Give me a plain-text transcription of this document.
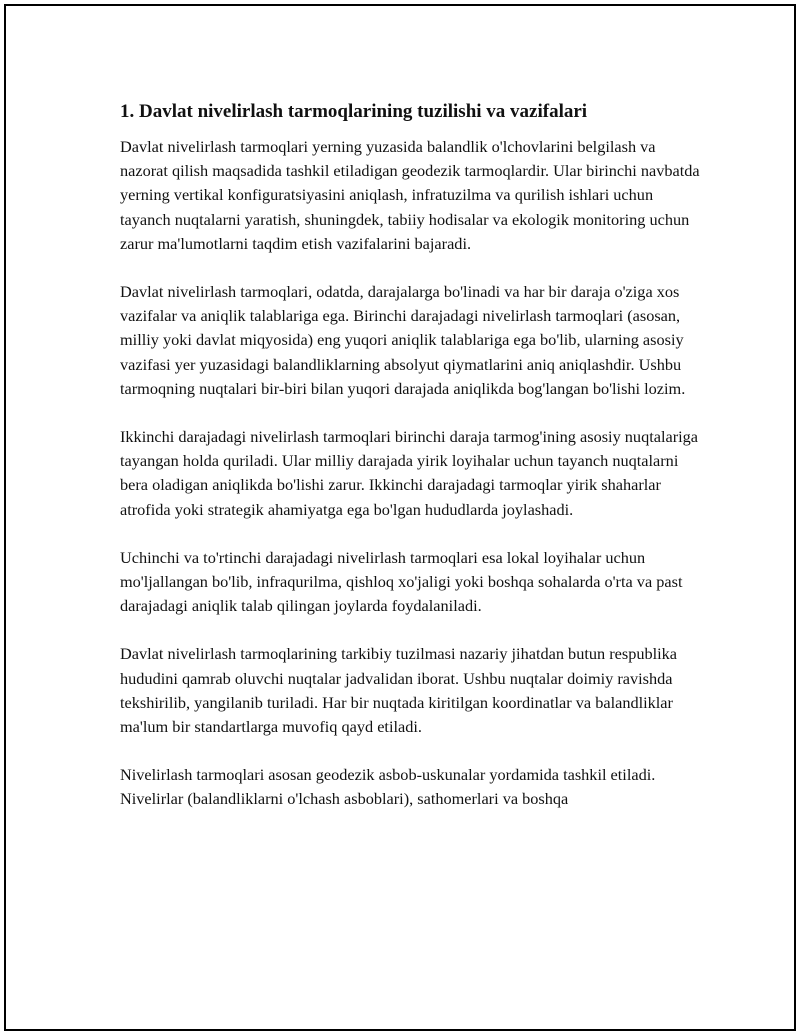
1. Davlat nivelirlash tarmoqlarining tuzilishi va vazifalari

Davlat nivelirlash tarmoqlari yerning yuzasida balandlik o'lchovlarini belgilash va nazorat qilish maqsadida tashkil etiladigan geodezik tarmoqlardir. Ular birinchi navbatda yerning vertikal konfiguratsiyasini aniqlash, infratuzilma va qurilish ishlari uchun tayanch nuqtalarni yaratish, shuningdek, tabiiy hodisalar va ekologik monitoring uchun zarur ma'lumotlarni taqdim etish vazifalarini bajaradi.

Davlat nivelirlash tarmoqlari, odatda, darajalarga bo'linadi va har bir daraja o'ziga xos vazifalar va aniqlik talablariga ega. Birinchi darajadagi nivelirlash tarmoqlari (asosan, milliy yoki davlat miqyosida) eng yuqori aniqlik talablariga ega bo'lib, ularning asosiy vazifasi yer yuzasidagi balandliklarning absolyut qiymatlarini aniq aniqlashdir. Ushbu tarmoqning nuqtalari bir-biri bilan yuqori darajada aniqlikda bog'langan bo'lishi lozim.

Ikkinchi darajadagi nivelirlash tarmoqlari birinchi daraja tarmog'ining asosiy nuqtalariga tayangan holda quriladi. Ular milliy darajada yirik loyihalar uchun tayanch nuqtalarni bera oladigan aniqlikda bo'lishi zarur. Ikkinchi darajadagi tarmoqlar yirik shaharlar atrofida yoki strategik ahamiyatga ega bo'lgan hududlarda joylashadi.

Uchinchi va to'rtinchi darajadagi nivelirlash tarmoqlari esa lokal loyihalar uchun mo'ljallangan bo'lib, infraqurilma, qishloq xo'jaligi yoki boshqa sohalarda o'rta va past darajadagi aniqlik talab qilingan joylarda foydalaniladi.

Davlat nivelirlash tarmoqlarining tarkibiy tuzilmasi nazariy jihatdan butun respublika hududini qamrab oluvchi nuqtalar jadvalidan iborat. Ushbu nuqtalar doimiy ravishda tekshirilib, yangilanib turiladi. Har bir nuqtada kiritilgan koordinatlar va balandliklar ma'lum bir standartlarga muvofiq qayd etiladi.

Nivelirlash tarmoqlari asosan geodezik asbob-uskunalar yordamida tashkil etiladi. Nivelirlar (balandliklarni o'lchash asboblari), sathomerlari va boshqa
